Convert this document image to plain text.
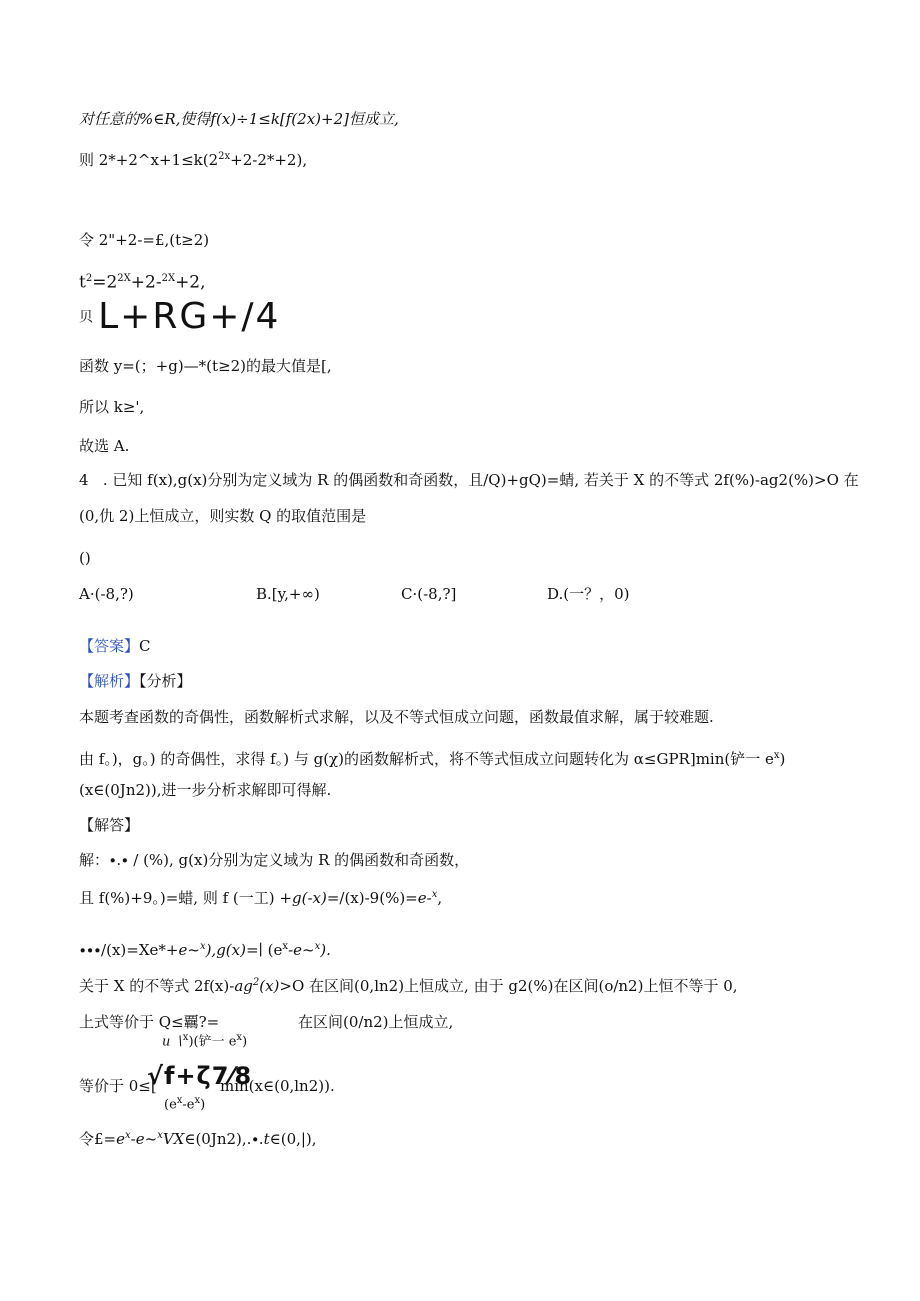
对任意的%∈R,使得f(x)÷1≤k[f(2x)+2]恒成立,
则 $2*+2\^{}x+1\le k(2^{2x}+2-2*+2)$,
令 2"+2-=£,(t≥2)
$t^2=2^{2X}+2-^{2X}+2$,
贝 L+RG+/4
函数 y=(；+g)—*(t≥2)的最大值是[,
所以 k≥',
故选 A.
4 . 已知 f(x),g(x)分别为定义域为 R 的偶函数和奇函数，且/Q)+gQ)=蜻, 若关于 X 的不等式 2f(%)-ag2(%)>O 在
(0,仇 2)上恒成立，则实数 Q 的取值范围是
()
A·(-8,?)	B.[y,+∞)	C·(-8,?]	D.(一？，0)
【答案】C
【解析】【分析】
本题考查函数的奇偶性，函数解析式求解，以及不等式恒成立问题，函数最值求解，属于较难题.
由 f。)，g。) 的奇偶性，求得 f。) 与 g(χ)的函数解析式，将不等式恒成立问题转化为 α≤GPR]min(铲一 $e^x$)
(x∈(0Jn2)),进一步分析求解即可得解.
【解答】
解：∙.∙ / (%), g(x)分别为定义域为 R 的偶函数和奇函数，
且 f(%)+9。)=蜡, 则 f (一工) +g(-x)=/(x)-9(%)=e-$^x$,
∙∙∙/(x)=Xe*+e~$^x$),g(x)=∣ $(e^x-e\sim^x)$.
关于 X 的不等式 $2f(x)-ag^2(x)>O$ 在区间(0,ln2)上恒成立, 由于 g2(%)在区间(o∕n2)上恒不等于 0,
上式等价于 Q≤覊?=	在区间(0/n2)上恒成立,
u ∖$^x$)(铲一 $e^x$)
等价于 0≤[
√f+ζ7⁄8
min(x∈(0,ln2)).
$(e^x-e^x)$
令$£=e^x-e\sim^xVX\in(0Jn2),.\cdot.t\in(0,|)$,
